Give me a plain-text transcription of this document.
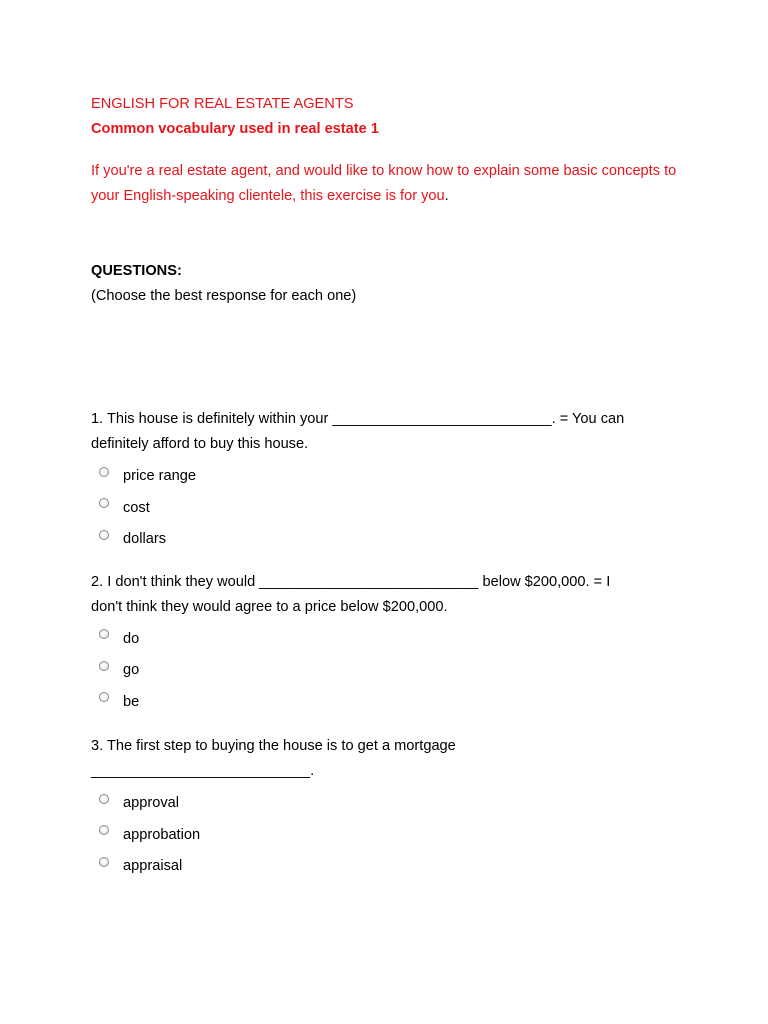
ENGLISH FOR REAL ESTATE AGENTS

Common vocabulary used in real estate 1

If you're a real estate agent, and would like to know how to explain some basic concepts to your English-speaking clientele, this exercise is for you.

QUESTIONS:

(Choose the best response for each one)

1. This house is definitely within your ___________________________. = You can
definitely afford to buy this house.

price range
cost
dollars

2. I don't think they would ___________________________ below $200,000. = I
don't think they would agree to a price below $200,000.

do
go
be

3. The first step to buying the house is to get a mortgage
___________________________.

approval
approbation
appraisal
